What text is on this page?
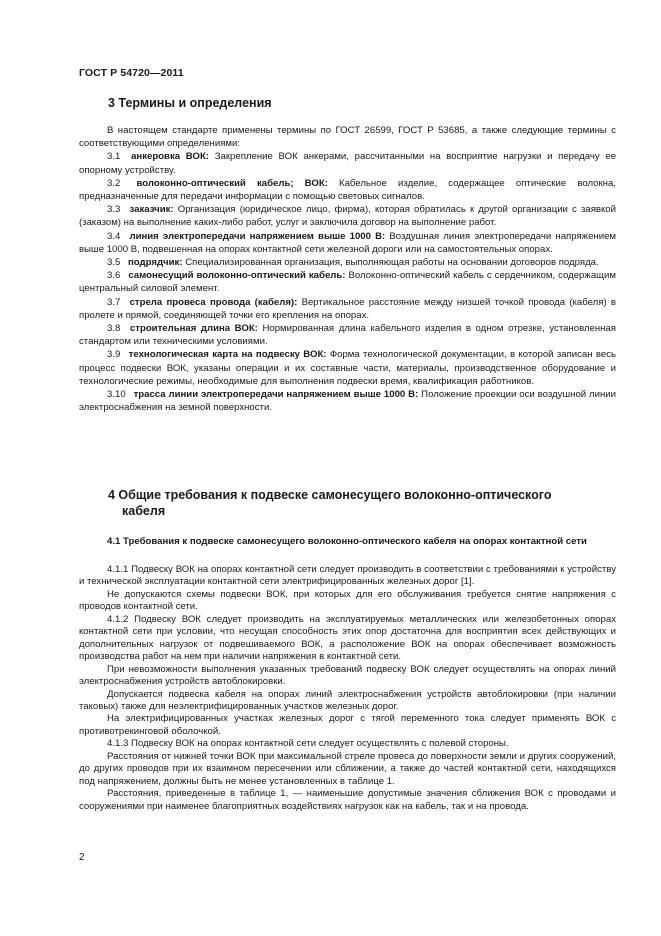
ГОСТ Р 54720—2011
3 Термины и определения

В настоящем стандарте применены термины по ГОСТ 26599, ГОСТ Р 53685, а также следующие термины с соответствующими определениями:

3.1 анкеровка ВОК: Закрепление ВОК анкерами, рассчитанными на восприятие нагрузки и передачу ее опорному устройству.

3.2 волоконно-оптический кабель; ВОК: Кабельное изделие, содержащее оптические волокна, предназначенные для передачи информации с помощью световых сигналов.

3.3 заказчик: Организация (юридическое лицо, фирма), которая обратилась к другой организации с заявкой (заказом) на выполнение каких-либо работ, услуг и заключила договор на выполнение работ.

3.4 линия электропередачи напряжением выше 1000 В: Воздушная линия электропередачи напряжением выше 1000 В, подвешенная на опорах контактной сети железной дороги или на самостоятельных опорах.

3.5 подрядчик: Специализированная организация, выполняющая работы на основании договоров подряда.

3.6 самонесущий волоконно-оптический кабель: Волоконно-оптический кабель с сердечником, содержащим центральный силовой элемент.

3.7 стрела провеса провода (кабеля): Вертикальное расстояние между низшей точкой провода (кабеля) в пролете и прямой, соединяющей точки его крепления на опорах.

3.8 строительная длина ВОК: Нормированная длина кабельного изделия в одном отрезке, установленная стандартом или техническими условиями.

3.9 технологическая карта на подвеску ВОК: Форма технологической документации, в которой записан весь процесс подвески ВОК, указаны операции и их составные части, материалы, производственное оборудование и технологические режимы, необходимые для выполнения подвески время, квалификация работников.

3.10 трасса линии электропередачи напряжением выше 1000 В: Положение проекции оси воздушной линии электроснабжения на земной поверхности.

4 Общие требования к подвеске самонесущего волоконно-оптического
кабеля
4.1 Требования к подвеске самонесущего волоконно-оптического кабеля на опорах контактной сети

4.1.1 Подвеску ВОК на опорах контактной сети следует производить в соответствии с требованиями к устройству и технической эксплуатации контактной сети электрифицированных железных дорог [1].

Не допускаются схемы подвески ВОК, при которых для его обслуживания требуется снятие напряжения с проводов контактной сети.

4.1.2 Подвеску ВОК следует производить на эксплуатируемых металлических или железобетонных опорах контактной сети при условии, что несущая способность этих опор достаточна для восприятия всех действующих и дополнительных нагрузок от подвешиваемого ВОК, а расположение ВОК на опорах обеспечивает возможность производства работ на нем при наличии напряжения в контактной сети.

При невозможности выполнения указанных требований подвеску ВОК следует осуществлять на опорах линий электроснабжения устройств автоблокировки.

Допускается подвеска кабеля на опорах линий электроснабжения устройств автоблокировки (при наличии таковых) также для неэлектрифицированных участков железных дорог.

На электрифицированных участках железных дорог с тягой переменного тока следует применять ВОК с противотрекинговой оболочкой.

4.1.3 Подвеску ВОК на опорах контактной сети следует осуществлять с полевой стороны.

Расстояния от нижней точки ВОК при максимальной стреле провеса до поверхности земли и других сооружений, до других проводов при их взаимном пересечении или сближении, а также до частей контактной сети, находящихся под напряжением, должны быть не менее установленных в таблице 1.

Расстояния, приведенные в таблице 1, — наименьшие допустимые значения сближения ВОК с проводами и сооружениями при наименее благоприятных воздействиях нагрузок как на кабель, так и на провода.

2
